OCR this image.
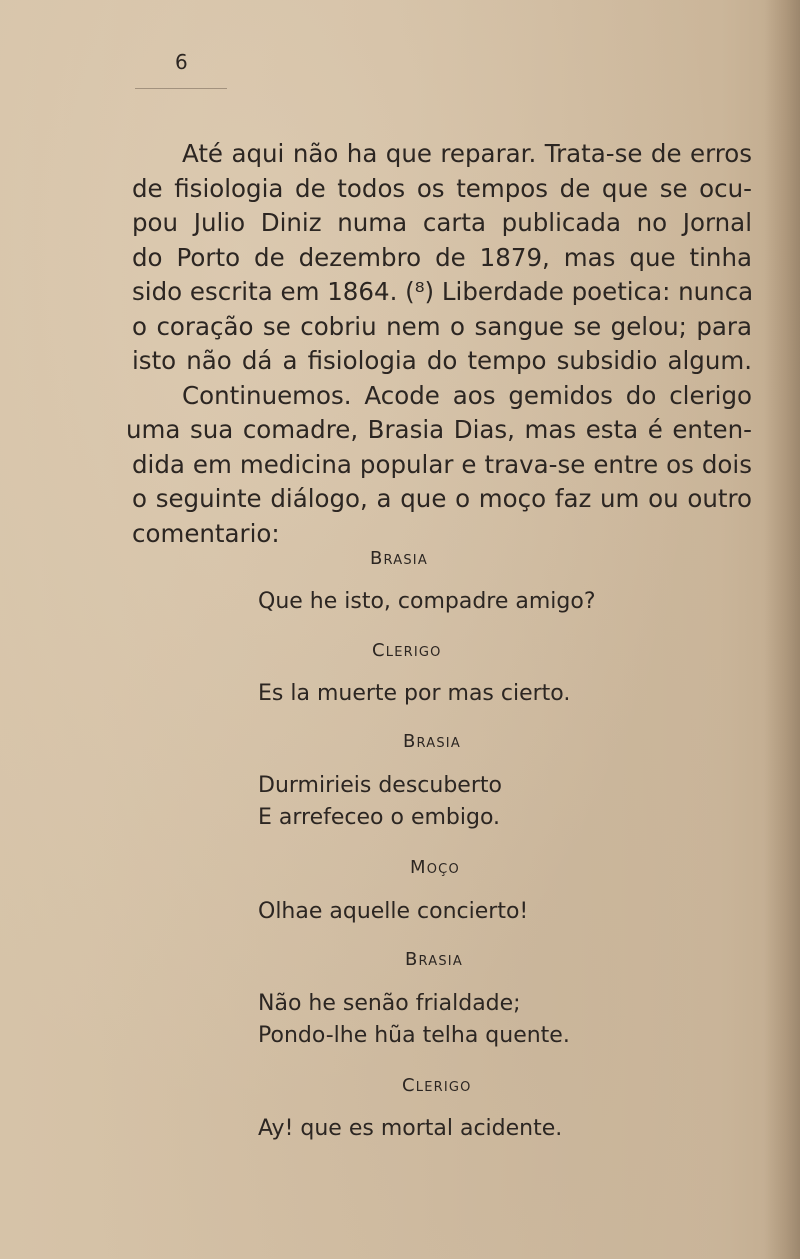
6
Até aqui não ha que reparar. Trata-se de erros
de fisiologia de todos os tempos de que se ocu-
pou Julio Diniz numa carta publicada no Jornal
do Porto de dezembro de 1879, mas que tinha
sido escrita em 1864. (⁸) Liberdade poetica: nunca
o coração se cobriu nem o sangue se gelou; para
isto não dá a fisiologia do tempo subsidio algum.
Continuemos. Acode aos gemidos do clerigo
uma sua comadre, Brasia Dias, mas esta é enten-
dida em medicina popular e trava-se entre os dois
o seguinte diálogo, a que o moço faz um ou outro
comentario:
Brasia
Que he isto, compadre amigo?
Clerigo
Es la muerte por mas cierto.
Brasia
Durmirieis descuberto
E arrefeceo o embigo.
Moço
Olhae aquelle concierto!
Brasia
Não he senão frialdade;
Pondo-lhe hũa telha quente.
Clerigo
Ay! que es mortal acidente.
